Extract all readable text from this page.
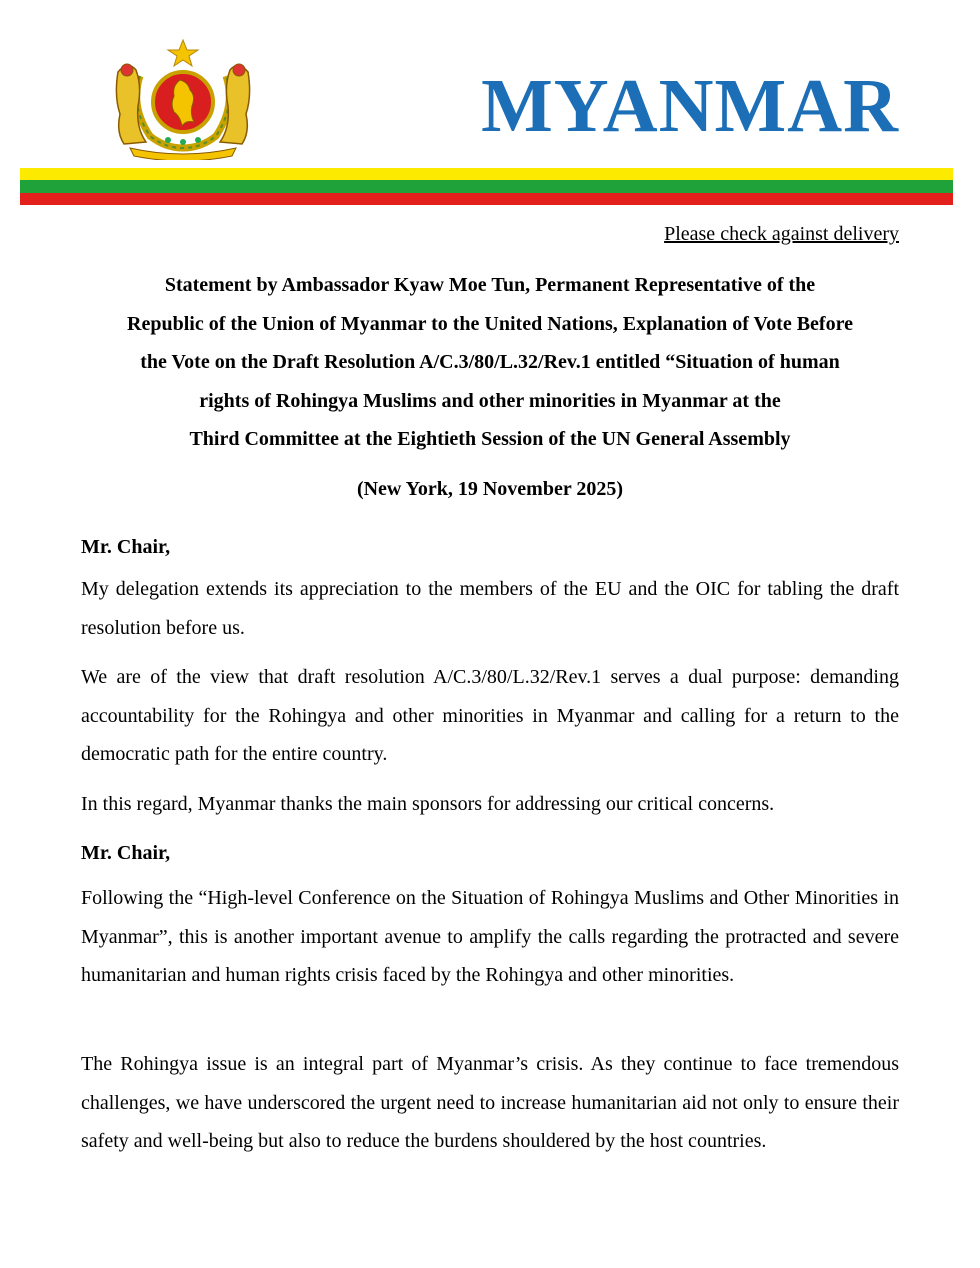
MYANMAR
Please check against delivery

Statement by Ambassador Kyaw Moe Tun, Permanent Representative of the
Republic of the Union of Myanmar to the United Nations, Explanation of Vote Before
the Vote on the Draft Resolution A/C.3/80/L.32/Rev.1 entitled “Situation of human
rights of Rohingya Muslims and other minorities in Myanmar at the
Third Committee at the Eightieth Session of the UN General Assembly

(New York, 19 November 2025)

Mr. Chair,

My delegation extends its appreciation to the members of the EU and the OIC for tabling the draft resolution before us.

We are of the view that draft resolution A/C.3/80/L.32/Rev.1 serves a dual purpose: demanding accountability for the Rohingya and other minorities in Myanmar and calling for a return to the democratic path for the entire country.

In this regard, Myanmar thanks the main sponsors for addressing our critical concerns.

Mr. Chair,

Following the “High-level Conference on the Situation of Rohingya Muslims and Other Minorities in Myanmar”, this is another important avenue to amplify the calls regarding the protracted and severe humanitarian and human rights crisis faced by the Rohingya and other minorities.

The Rohingya issue is an integral part of Myanmar’s crisis. As they continue to face tremendous challenges, we have underscored the urgent need to increase humanitarian aid not only to ensure their safety and well-being but also to reduce the burdens shouldered by the host countries.
